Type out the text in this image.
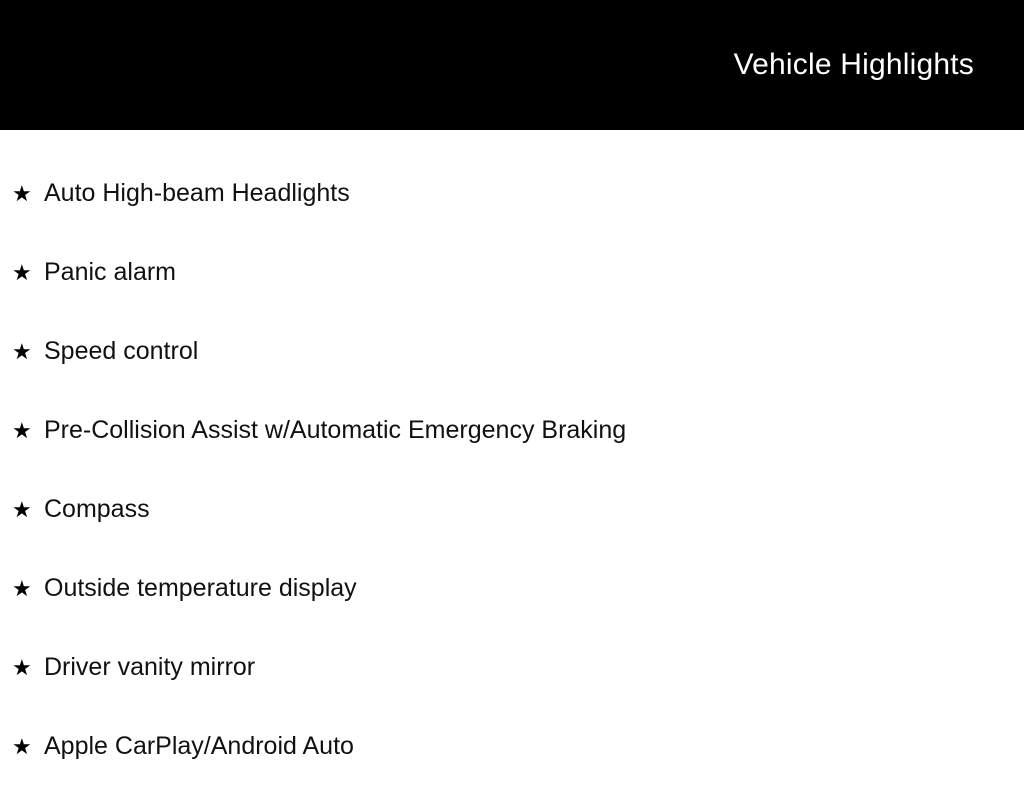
Vehicle Highlights
★ Auto High-beam Headlights
★ Panic alarm
★ Speed control
★ Pre-Collision Assist w/Automatic Emergency Braking
★ Compass
★ Outside temperature display
★ Driver vanity mirror
★ Apple CarPlay/Android Auto
